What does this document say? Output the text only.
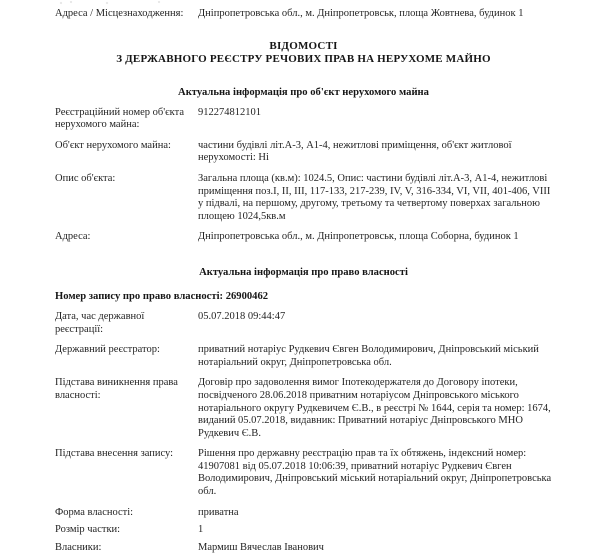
Адреса / Місцезнаходження:	Дніпропетровська обл., м. Дніпропетровськ, площа Жовтнева, будинок 1
ВІДОМОСТІ
З ДЕРЖАВНОГО РЕЄСТРУ РЕЧОВИХ ПРАВ НА НЕРУХОМЕ МАЙНО
Актуальна інформація про об'єкт нерухомого майна
Реєстраційний номер об'єкта нерухомого майна:
912274812101
Об'єкт нерухомого майна:	частини будівлі літ.А-3, А1-4, нежитлові приміщення, об'єкт житлової нерухомості: Ні
Опис об'єкта:	Загальна площа (кв.м): 1024.5, Опис: частини будівлі літ.А-3, А1-4, нежитлові приміщення поз.I, II, III, 117-133, 217-239, IV, V, 316-334, VI, VII, 401-406, VIII у підвалі, на першому, другому, третьому та четвертому поверхах загальною площею 1024,5кв.м
Адреса:	Дніпропетровська обл., м. Дніпропетровськ, площа Соборна, будинок 1
Актуальна інформація про право власності
Номер запису про право власності: 26900462
Дата, час державної реєстрації:
05.07.2018 09:44:47
Державний реєстратор:	приватний нотаріус Рудкевич Євген Володимирович, Дніпровський міський нотаріальний округ, Дніпропетровська обл.
Підстава виникнення права власності:
Договір про задоволення вимог Іпотекодержателя до Договору іпотеки, посвідченого 28.06.2018 приватним нотаріусом Дніпровського міського нотаріального округу Рудкевичем Є.В., в реєстрі № 1644, серія та номер: 1674, виданий 05.07.2018, видавник: Приватний нотаріус Дніпровського МНО Рудкевич Є.В.
Підстава внесення запису:	Рішення про державну реєстрацію прав та їх обтяжень, індексний номер: 41907081 від 05.07.2018 10:06:39, приватний нотаріус Рудкевич Євген Володимирович, Дніпровський міський нотаріальний округ, Дніпропетровська обл.
Форма власності:	приватна
Розмір частки:	1
Власники:	Мармиш Вячеслав Іванович
